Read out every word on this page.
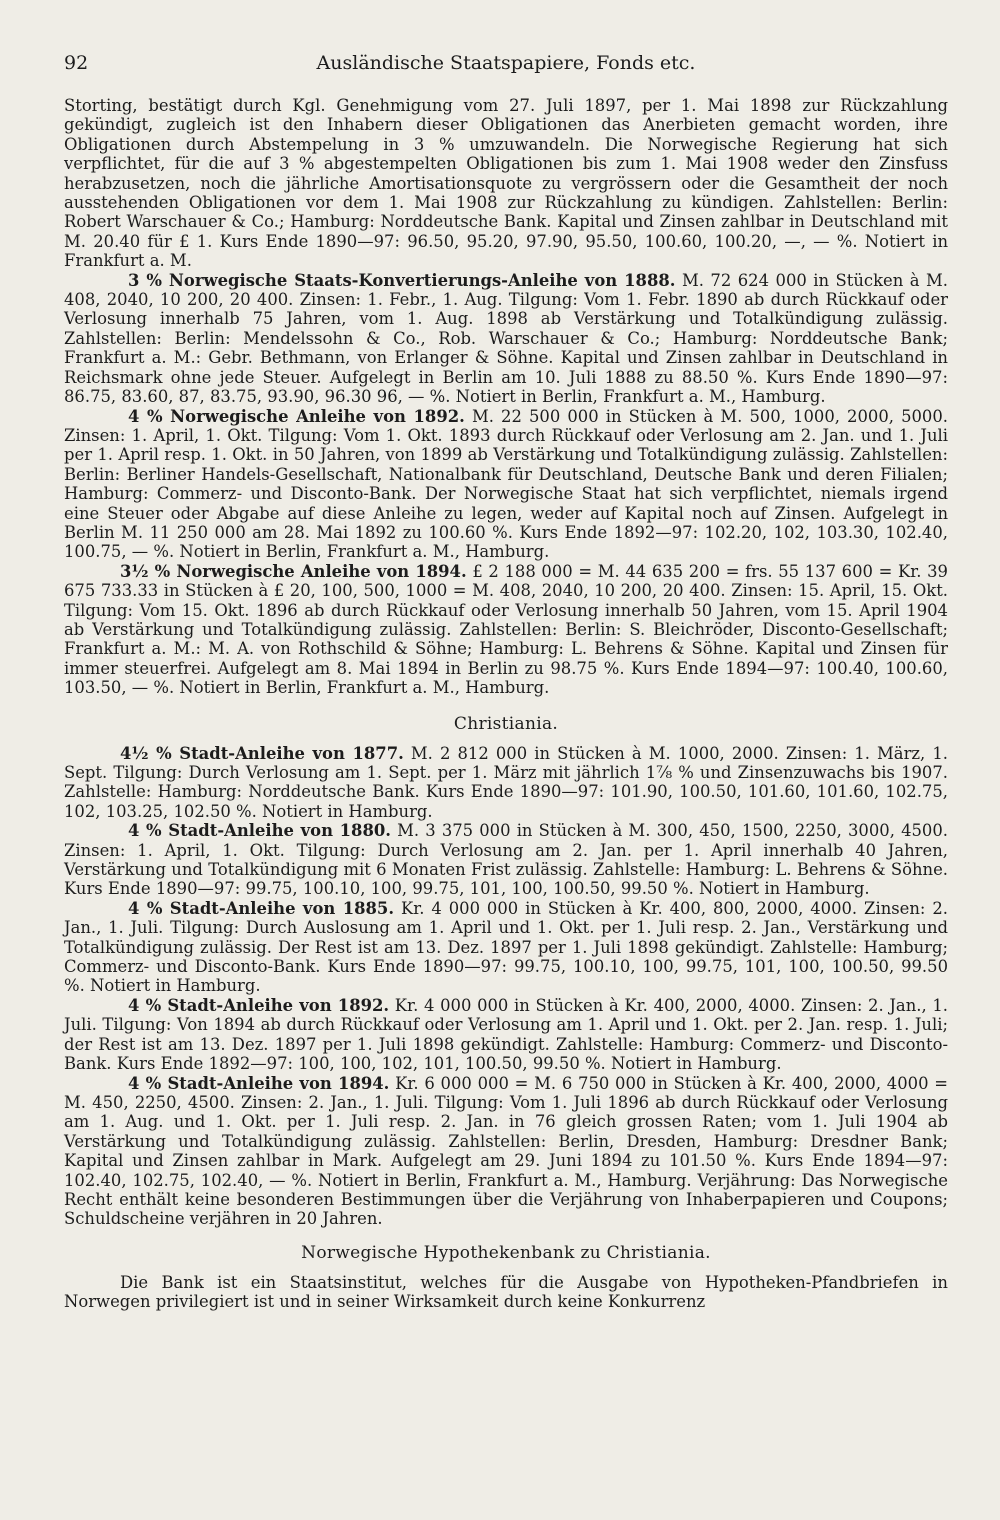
92	Ausländische Staatspapiere, Fonds etc.

Storting, bestätigt durch Kgl. Genehmigung vom 27. Juli 1897, per 1. Mai 1898 zur Rückzahlung gekündigt, zugleich ist den Inhabern dieser Obligationen das Anerbieten gemacht worden, ihre Obligationen durch Abstempelung in 3 % umzuwandeln. Die Norwegische Regierung hat sich verpflichtet, für die auf 3 % abgestempelten Obligationen bis zum 1. Mai 1908 weder den Zinsfuss herabzusetzen, noch die jährliche Amortisationsquote zu vergrössern oder die Gesamtheit der noch ausstehenden Obligationen vor dem 1. Mai 1908 zur Rückzahlung zu kündigen. Zahlstellen: Berlin: Robert Warschauer & Co.; Hamburg: Norddeutsche Bank. Kapital und Zinsen zahlbar in Deutschland mit M. 20.40 für £ 1. Kurs Ende 1890—97: 96.50, 95.20, 97.90, 95.50, 100.60, 100.20, —, — %. Notiert in Frankfurt a. M.

3 % Norwegische Staats-Konvertierungs-Anleihe von 1888. M. 72 624 000 in Stücken à M. 408, 2040, 10 200, 20 400. Zinsen: 1. Febr., 1. Aug. Tilgung: Vom 1. Febr. 1890 ab durch Rückkauf oder Verlosung innerhalb 75 Jahren, vom 1. Aug. 1898 ab Verstärkung und Totalkündigung zulässig. Zahlstellen: Berlin: Mendelssohn & Co., Rob. Warschauer & Co.; Hamburg: Norddeutsche Bank; Frankfurt a. M.: Gebr. Bethmann, von Erlanger & Söhne. Kapital und Zinsen zahlbar in Deutschland in Reichsmark ohne jede Steuer. Aufgelegt in Berlin am 10. Juli 1888 zu 88.50 %. Kurs Ende 1890—97: 86.75, 83.60, 87, 83.75, 93.90, 96.30 96, — %. Notiert in Berlin, Frankfurt a. M., Hamburg.

4 % Norwegische Anleihe von 1892. M. 22 500 000 in Stücken à M. 500, 1000, 2000, 5000. Zinsen: 1. April, 1. Okt. Tilgung: Vom 1. Okt. 1893 durch Rückkauf oder Verlosung am 2. Jan. und 1. Juli per 1. April resp. 1. Okt. in 50 Jahren, von 1899 ab Verstärkung und Totalkündigung zulässig. Zahlstellen: Berlin: Berliner Handels-Gesellschaft, Nationalbank für Deutschland, Deutsche Bank und deren Filialen; Hamburg: Commerz- und Disconto-Bank. Der Norwegische Staat hat sich verpflichtet, niemals irgend eine Steuer oder Abgabe auf diese Anleihe zu legen, weder auf Kapital noch auf Zinsen. Aufgelegt in Berlin M. 11 250 000 am 28. Mai 1892 zu 100.60 %. Kurs Ende 1892—97: 102.20, 102, 103.30, 102.40, 100.75, — %. Notiert in Berlin, Frankfurt a. M., Hamburg.

3½ % Norwegische Anleihe von 1894. £ 2 188 000 = M. 44 635 200 = frs. 55 137 600 = Kr. 39 675 733.33 in Stücken à £ 20, 100, 500, 1000 = M. 408, 2040, 10 200, 20 400. Zinsen: 15. April, 15. Okt. Tilgung: Vom 15. Okt. 1896 ab durch Rückkauf oder Verlosung innerhalb 50 Jahren, vom 15. April 1904 ab Verstärkung und Totalkündigung zulässig. Zahlstellen: Berlin: S. Bleichröder, Disconto-Gesellschaft; Frankfurt a. M.: M. A. von Rothschild & Söhne; Hamburg: L. Behrens & Söhne. Kapital und Zinsen für immer steuerfrei. Aufgelegt am 8. Mai 1894 in Berlin zu 98.75 %. Kurs Ende 1894—97: 100.40, 100.60, 103.50, — %. Notiert in Berlin, Frankfurt a. M., Hamburg.

Christiania.

4½ % Stadt-Anleihe von 1877. M. 2 812 000 in Stücken à M. 1000, 2000. Zinsen: 1. März, 1. Sept. Tilgung: Durch Verlosung am 1. Sept. per 1. März mit jährlich 1⅞ % und Zinsenzuwachs bis 1907. Zahlstelle: Hamburg: Norddeutsche Bank. Kurs Ende 1890—97: 101.90, 100.50, 101.60, 101.60, 102.75, 102, 103.25, 102.50 %. Notiert in Hamburg.

4 % Stadt-Anleihe von 1880. M. 3 375 000 in Stücken à M. 300, 450, 1500, 2250, 3000, 4500. Zinsen: 1. April, 1. Okt. Tilgung: Durch Verlosung am 2. Jan. per 1. April innerhalb 40 Jahren, Verstärkung und Totalkündigung mit 6 Monaten Frist zulässig. Zahlstelle: Hamburg: L. Behrens & Söhne. Kurs Ende 1890—97: 99.75, 100.10, 100, 99.75, 101, 100, 100.50, 99.50 %. Notiert in Hamburg.

4 % Stadt-Anleihe von 1885. Kr. 4 000 000 in Stücken à Kr. 400, 800, 2000, 4000. Zinsen: 2. Jan., 1. Juli. Tilgung: Durch Auslosung am 1. April und 1. Okt. per 1. Juli resp. 2. Jan., Verstärkung und Totalkündigung zulässig. Der Rest ist am 13. Dez. 1897 per 1. Juli 1898 gekündigt. Zahlstelle: Hamburg; Commerz- und Disconto-Bank. Kurs Ende 1890—97: 99.75, 100.10, 100, 99.75, 101, 100, 100.50, 99.50 %. Notiert in Hamburg.

4 % Stadt-Anleihe von 1892. Kr. 4 000 000 in Stücken à Kr. 400, 2000, 4000. Zinsen: 2. Jan., 1. Juli. Tilgung: Von 1894 ab durch Rückkauf oder Verlosung am 1. April und 1. Okt. per 2. Jan. resp. 1. Juli; der Rest ist am 13. Dez. 1897 per 1. Juli 1898 gekündigt. Zahlstelle: Hamburg: Commerz- und Disconto-Bank. Kurs Ende 1892—97: 100, 100, 102, 101, 100.50, 99.50 %. Notiert in Hamburg.

4 % Stadt-Anleihe von 1894. Kr. 6 000 000 = M. 6 750 000 in Stücken à Kr. 400, 2000, 4000 = M. 450, 2250, 4500. Zinsen: 2. Jan., 1. Juli. Tilgung: Vom 1. Juli 1896 ab durch Rückkauf oder Verlosung am 1. Aug. und 1. Okt. per 1. Juli resp. 2. Jan. in 76 gleich grossen Raten; vom 1. Juli 1904 ab Verstärkung und Totalkündigung zulässig. Zahlstellen: Berlin, Dresden, Hamburg: Dresdner Bank; Kapital und Zinsen zahlbar in Mark. Aufgelegt am 29. Juni 1894 zu 101.50 %. Kurs Ende 1894—97: 102.40, 102.75, 102.40, — %. Notiert in Berlin, Frankfurt a. M., Hamburg. Verjährung: Das Norwegische Recht enthält keine besonderen Bestimmungen über die Verjährung von Inhaberpapieren und Coupons; Schuldscheine verjähren in 20 Jahren.

Norwegische Hypothekenbank zu Christiania.

Die Bank ist ein Staatsinstitut, welches für die Ausgabe von Hypotheken-Pfandbriefen in Norwegen privilegiert ist und in seiner Wirksamkeit durch keine Konkurrenz
